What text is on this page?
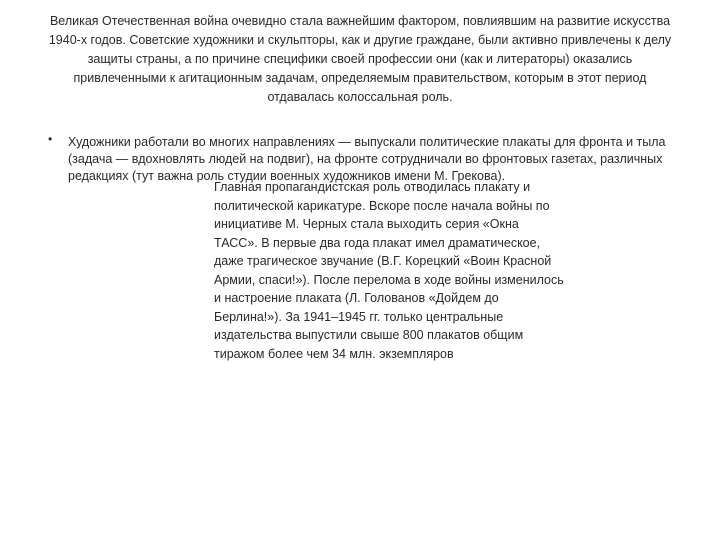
Великая Отечественная война очевидно стала важнейшим фактором, повлиявшим на развитие искусства 1940-х годов. Советские художники и скульпторы, как и другие граждане, были активно привлечены к делу защиты страны, а по причине специфики своей профессии они (как и литераторы) оказались привлеченными к агитационным задачам, определяемым правительством, которым в этот период отдавалась колоссальная роль.
• Художники работали во многих направлениях — выпускали политические плакаты для фронта и тыла (задача — вдохновлять людей на подвиг), на фронте сотрудничали во фронтовых газетах, различных редакциях (тут важна роль студии военных художников имени М. Грекова).
Главная пропагандистская роль отводилась плакату и политической карикатуре. Вскоре после начала войны по инициативе М. Черных стала выходить серия «Окна ТАСС». В первые два года плакат имел драматическое, даже трагическое звучание (В.Г. Корецкий «Воин Красной Армии, спаси!»). После перелома в ходе войны изменилось и настроение плаката (Л. Голованов «Дойдем до Берлина!»). За 1941–1945 гг. только центральные издательства выпустили свыше 800 плакатов общим тиражом более чем 34 млн. экземпляров
